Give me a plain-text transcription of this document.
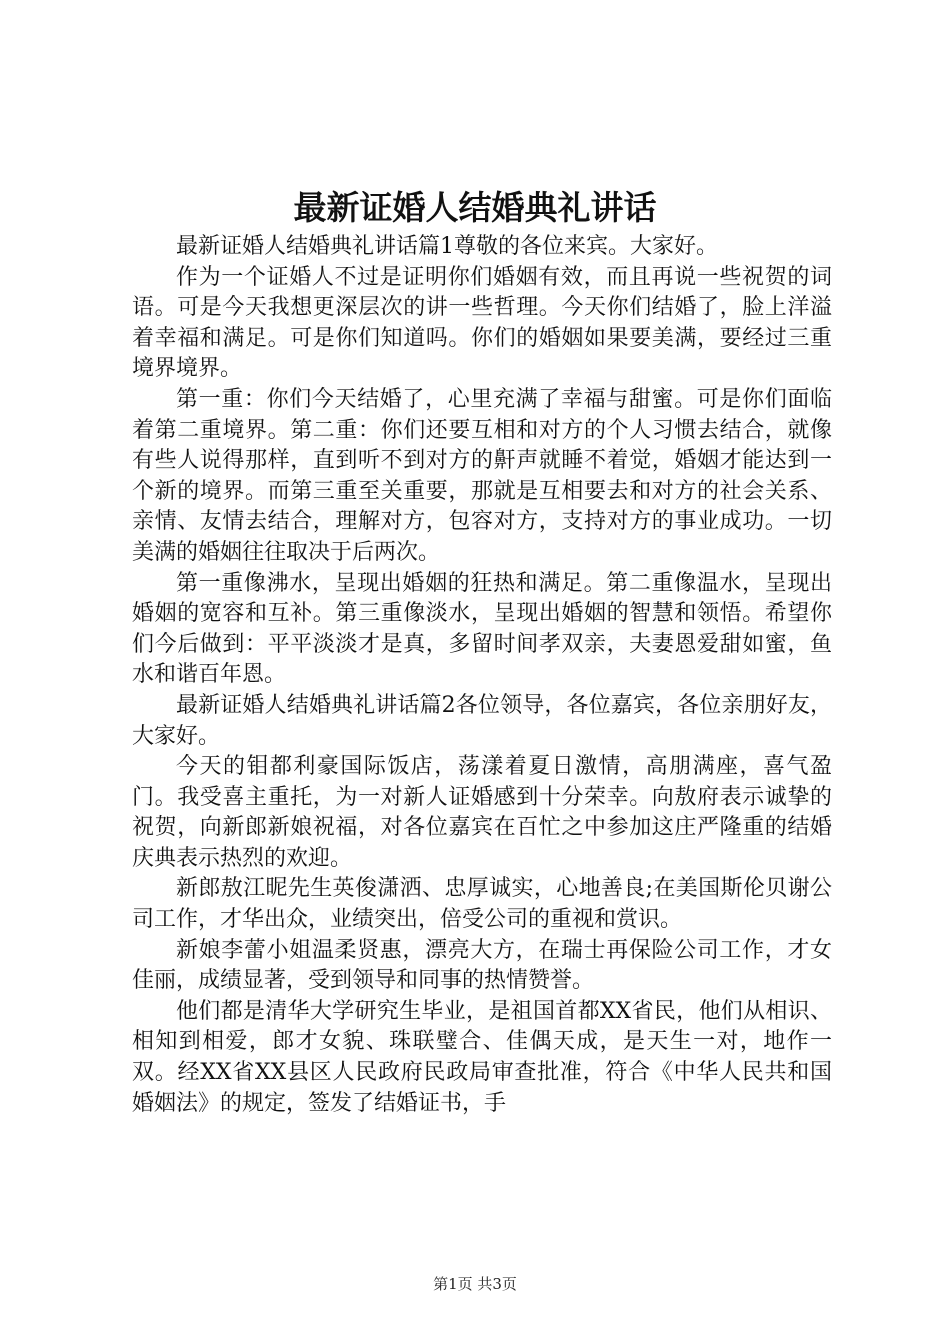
最新证婚人结婚典礼讲话

最新证婚人结婚典礼讲话篇1尊敬的各位来宾。大家好。

作为一个证婚人不过是证明你们婚姻有效，而且再说一些祝贺的词语。可是今天我想更深层次的讲一些哲理。今天你们结婚了，脸上洋溢着幸福和满足。可是你们知道吗。你们的婚姻如果要美满，要经过三重境界境界。

第一重：你们今天结婚了，心里充满了幸福与甜蜜。可是你们面临着第二重境界。第二重：你们还要互相和对方的个人习惯去结合，就像有些人说得那样，直到听不到对方的鼾声就睡不着觉，婚姻才能达到一个新的境界。而第三重至关重要，那就是互相要去和对方的社会关系、亲情、友情去结合，理解对方，包容对方，支持对方的事业成功。一切美满的婚姻往往取决于后两次。

第一重像沸水，呈现出婚姻的狂热和满足。第二重像温水，呈现出婚姻的宽容和互补。第三重像淡水，呈现出婚姻的智慧和领悟。希望你们今后做到：平平淡淡才是真，多留时间孝双亲，夫妻恩爱甜如蜜，鱼水和谐百年恩。

最新证婚人结婚典礼讲话篇2各位领导，各位嘉宾，各位亲朋好友，大家好。

今天的钼都利豪国际饭店，荡漾着夏日激情，高朋满座，喜气盈门。我受喜主重托，为一对新人证婚感到十分荣幸。向敖府表示诚挚的祝贺，向新郎新娘祝福，对各位嘉宾在百忙之中参加这庄严隆重的结婚庆典表示热烈的欢迎。

新郎敖江昵先生英俊潇洒、忠厚诚实，心地善良;在美国斯伦贝谢公司工作，才华出众，业绩突出，倍受公司的重视和赏识。

新娘李蕾小姐温柔贤惠，漂亮大方，在瑞士再保险公司工作，才女佳丽，成绩显著，受到领导和同事的热情赞誉。

他们都是清华大学研究生毕业，是祖国首都XX省民，他们从相识、相知到相爱，郎才女貌、珠联璧合、佳偶天成，是天生一对，地作一双。经XX省XX县区人民政府民政局审查批准，符合《中华人民共和国婚姻法》的规定，签发了结婚证书，手

第1页 共3页
